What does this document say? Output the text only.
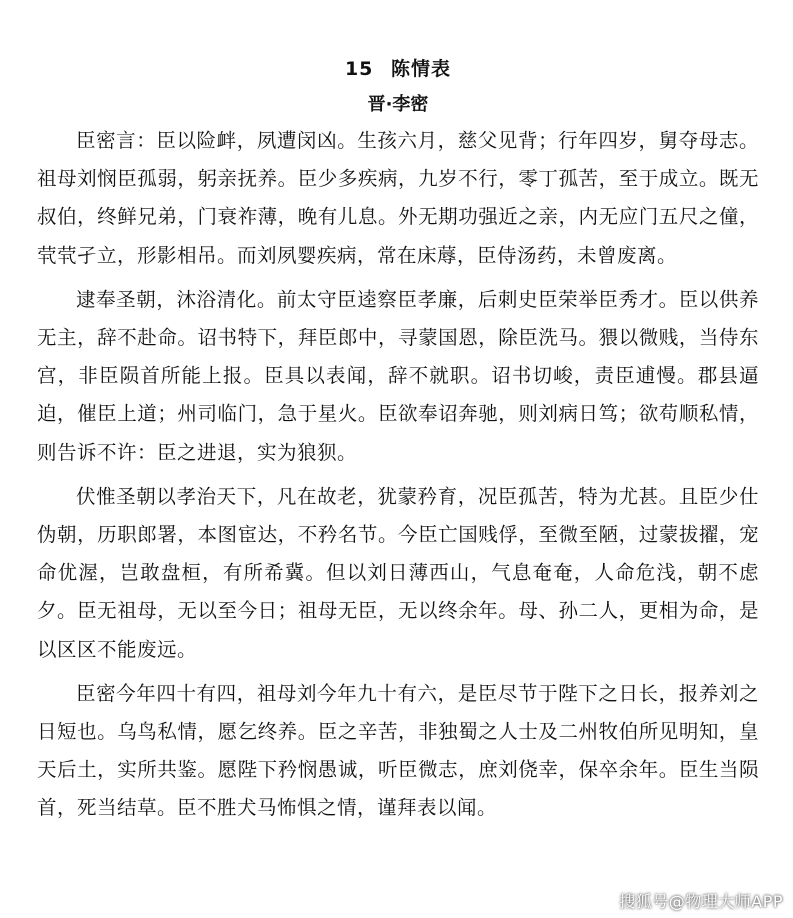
15 陈情表
晋·李密

臣密言：臣以险衅，夙遭闵凶。生孩六月，慈父见背；行年四岁，舅夺母志。祖母刘悯臣孤弱，躬亲抚养。臣少多疾病，九岁不行，零丁孤苦，至于成立。既无叔伯，终鲜兄弟，门衰祚薄，晚有儿息。外无期功强近之亲，内无应门五尺之僮，茕茕孑立，形影相吊。而刘夙婴疾病，常在床蓐，臣侍汤药，未曾废离。

逮奉圣朝，沐浴清化。前太守臣逵察臣孝廉，后刺史臣荣举臣秀才。臣以供养无主，辞不赴命。诏书特下，拜臣郎中，寻蒙国恩，除臣洗马。猥以微贱，当侍东宫，非臣陨首所能上报。臣具以表闻，辞不就职。诏书切峻，责臣逋慢。郡县逼迫，催臣上道；州司临门，急于星火。臣欲奉诏奔驰，则刘病日笃；欲苟顺私情，则告诉不许：臣之进退，实为狼狈。

伏惟圣朝以孝治天下，凡在故老，犹蒙矜育，况臣孤苦，特为尤甚。且臣少仕伪朝，历职郎署，本图宦达，不矜名节。今臣亡国贱俘，至微至陋，过蒙拔擢，宠命优渥，岂敢盘桓，有所希冀。但以刘日薄西山，气息奄奄，人命危浅，朝不虑夕。臣无祖母，无以至今日；祖母无臣，无以终余年。母、孙二人，更相为命，是以区区不能废远。

臣密今年四十有四，祖母刘今年九十有六，是臣尽节于陛下之日长，报养刘之日短也。乌鸟私情，愿乞终养。臣之辛苦，非独蜀之人士及二州牧伯所见明知，皇天后土，实所共鉴。愿陛下矜悯愚诚，听臣微志，庶刘侥幸，保卒余年。臣生当陨首，死当结草。臣不胜犬马怖惧之情，谨拜表以闻。

搜狐号@物理大师APP
